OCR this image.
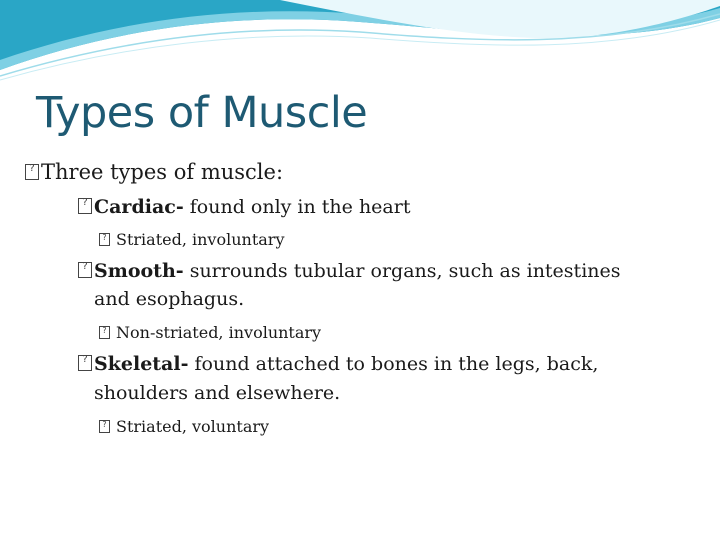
Types of Muscle
?Three types of muscle:
?Cardiac- found only in the heart
?Striated, involuntary
?Smooth- surrounds tubular organs, such as intestines
and esophagus.
?Non-striated, involuntary
?Skeletal- found attached to bones in the legs, back,
shoulders and elsewhere.
?Striated, voluntary
